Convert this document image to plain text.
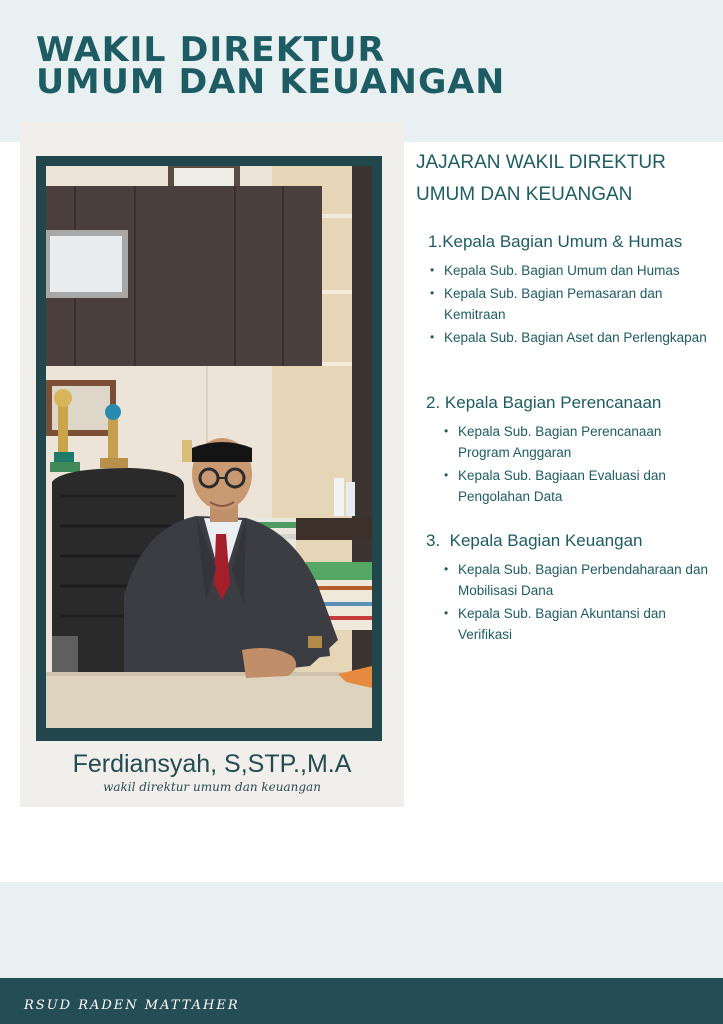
WAKIL DIREKTUR
UMUM DAN KEUANGAN
Ferdiansyah, S,STP.,M.A
wakil direktur umum dan keuangan
JAJARAN WAKIL DIREKTUR
UMUM DAN KEUANGAN
1.Kepala Bagian Umum & Humas
• Kepala Sub. Bagian Umum dan Humas
• Kepala Sub. Bagian Pemasaran dan Kemitraan
• Kepala Sub. Bagian Aset dan Perlengkapan
2. Kepala Bagian Perencanaan
• Kepala Sub. Bagian Perencanaan Program Anggaran
• Kepala Sub. Bagiaan Evaluasi dan Pengolahan Data
3. Kepala Bagian Keuangan
• Kepala Sub. Bagian Perbendaharaan dan Mobilisasi Dana
• Kepala Sub. Bagian Akuntansi dan Verifikasi
RSUD RADEN MATTAHER
